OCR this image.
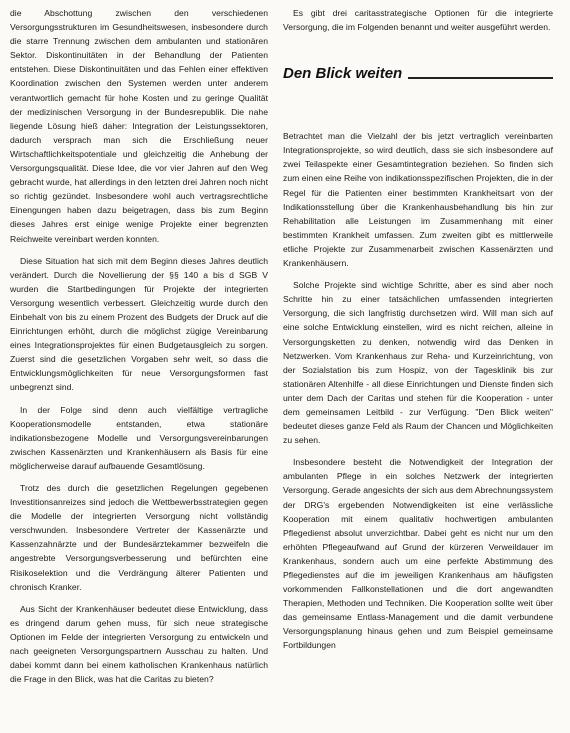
die Abschottung zwischen den verschiedenen Versorgungsstrukturen im Gesundheitswesen, insbesondere durch die starre Trennung zwischen dem ambulanten und stationären Sektor. Diskontinuitäten in der Behandlung der Patienten entstehen. Diese Diskontinuitäten und das Fehlen einer effektiven Koordination zwischen den Systemen werden unter anderem verantwortlich gemacht für hohe Kosten und zu geringe Qualität der medizinischen Versorgung in der Bundesrepublik. Die nahe liegende Lösung hieß daher: Integration der Leistungssektoren, dadurch versprach man sich die Erschließung neuer Wirtschaftlichkeitspotentiale und gleichzeitig die Anhebung der Versorgungsqualität. Diese Idee, die vor vier Jahren auf den Weg gebracht wurde, hat allerdings in den letzten drei Jahren noch nicht so richtig gezündet. Insbesondere wohl auch vertragsrechtliche Einengungen haben dazu beigetragen, dass bis zum Beginn dieses Jahres erst einige wenige Projekte einer begrenzten Reichweite vereinbart werden konnten.

Diese Situation hat sich mit dem Beginn dieses Jahres deutlich verändert. Durch die Novellierung der §§ 140 a bis d SGB V wurden die Startbedingungen für Projekte der integrierten Versorgung wesentlich verbessert. Gleichzeitig wurde durch den Einbehalt von bis zu einem Prozent des Budgets der Druck auf die Einrichtungen erhöht, durch die möglichst zügige Vereinbarung eines Integrationsprojektes für einen Budgetausgleich zu sorgen. Zuerst sind die gesetzlichen Vorgaben sehr weit, so dass die Entwicklungsmöglichkeiten für neue Versorgungsformen fast unbegrenzt sind.

In der Folge sind denn auch vielfältige vertragliche Kooperationsmodelle entstanden, etwa stationäre indikationsbezogene Modelle und Versorgungsvereinbarungen zwischen Kassenärzten und Krankenhäusern als Basis für eine möglicherweise darauf aufbauende Gesamtlösung.

Trotz des durch die gesetzlichen Regelungen gegebenen Investitionsanreizes sind jedoch die Wettbewerbsstrategien gegen die Modelle der integrierten Versorgung nicht vollständig verschwunden. Insbesondere Vertreter der Kassenärzte und Kassenzahnärzte und der Bundesärztekammer bezweifeln die angestrebte Versorgungsverbesserung und befürchten eine Risikoselektion und die Verdrängung älterer Patienten und chronisch Kranker.

Aus Sicht der Krankenhäuser bedeutet diese Entwicklung, dass es dringend darum gehen muss, für sich neue strategische Optionen im Felde der integrierten Versorgung zu entwickeln und nach geeigneten Versorgungspartnern Ausschau zu halten. Und dabei kommt dann bei einem katholischen Krankenhaus natürlich die Frage in den Blick, was hat die Caritas zu bieten?

Es gibt drei caritasstrategische Optionen für die integrierte Versorgung, die im Folgenden benannt und weiter ausgeführt werden.

Den Blick weiten

Betrachtet man die Vielzahl der bis jetzt vertraglich vereinbarten Integrationsprojekte, so wird deutlich, dass sie sich insbesondere auf zwei Teilaspekte einer Gesamtintegration beziehen. So finden sich zum einen eine Reihe von indikationsspezifischen Projekten, die in der Regel für die Patienten einer bestimmten Krankheitsart von der Indikationsstellung über die Krankenhausbehandlung bis hin zur Rehabilitation alle Leistungen im Zusammenhang mit einer bestimmten Krankheit umfassen. Zum zweiten gibt es mittlerweile etliche Projekte zur Zusammenarbeit zwischen Kassenärzten und Krankenhäusern.

Solche Projekte sind wichtige Schritte, aber es sind aber noch Schritte hin zu einer tatsächlichen umfassenden integrierten Versorgung, die sich langfristig durchsetzen wird. Will man sich auf eine solche Entwicklung einstellen, wird es nicht reichen, alleine in Versorgungsketten zu denken, notwendig wird das Denken in Netzwerken. Vom Krankenhaus zur Reha- und Kurzeinrichtung, von der Sozialstation bis zum Hospiz, von der Tagesklinik bis zur stationären Altenhilfe - all diese Einrichtungen und Dienste finden sich unter dem Dach der Caritas und stehen für die Kooperation - unter dem gemeinsamen Leitbild - zur Verfügung. "Den Blick weiten" bedeutet dieses ganze Feld als Raum der Chancen und Möglichkeiten zu sehen.

Insbesondere besteht die Notwendigkeit der Integration der ambulanten Pflege in ein solches Netzwerk der integrierten Versorgung. Gerade angesichts der sich aus dem Abrechnungssystem der DRG's ergebenden Notwendigkeiten ist eine verlässliche Kooperation mit einem qualitativ hochwertigen ambulanten Pflegedienst absolut unverzichtbar. Dabei geht es nicht nur um den erhöhten Pflegeaufwand auf Grund der kürzeren Verweildauer im Krankenhaus, sondern auch um eine perfekte Abstimmung des Pflegedienstes auf die im jeweiligen Krankenhaus am häufigsten vorkommenden Fallkonstellationen und die dort angewandten Therapien, Methoden und Techniken. Die Kooperation sollte weit über das gemeinsame Entlass-Management und die damit verbundene Versorgungsplanung hinaus gehen und zum Beispiel gemeinsame Fortbildungen
